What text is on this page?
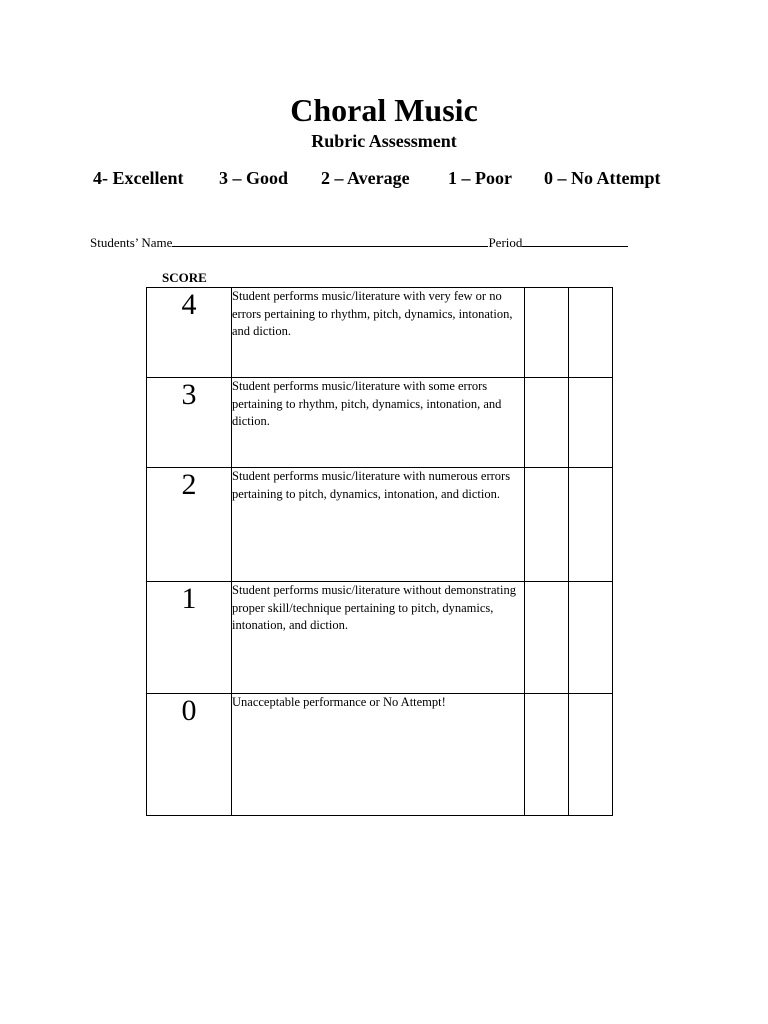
Choral Music
Rubric Assessment
4- Excellent 3 – Good 2 – Average 1 – Poor 0 – No Attempt
Students’ Name	Period
SCORE
4	Student performs music/literature with very few or no errors pertaining to rhythm, pitch, dynamics, intonation, and diction.		
3	Student performs music/literature with some errors pertaining to rhythm, pitch, dynamics, intonation, and diction.		
2	Student performs music/literature with numerous errors pertaining to pitch, dynamics, intonation, and diction.		
1	Student performs music/literature without demonstrating proper skill/technique pertaining to pitch, dynamics, intonation, and diction.		
0	Unacceptable performance or No Attempt!		
